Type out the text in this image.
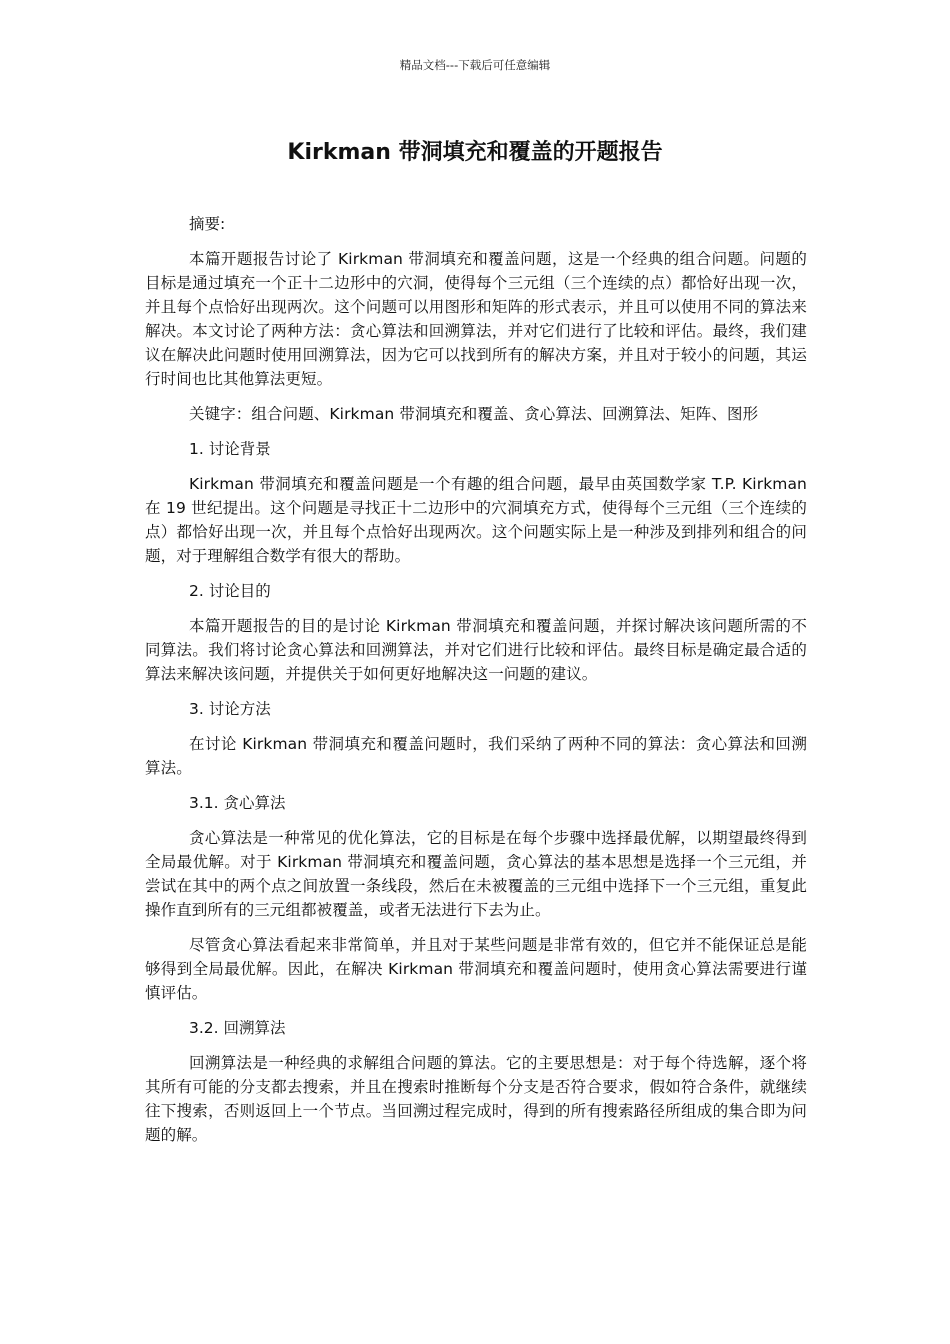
精品文档---下载后可任意编辑
Kirkman 带洞填充和覆盖的开题报告

摘要:

本篇开题报告讨论了 Kirkman 带洞填充和覆盖问题，这是一个经典的组合问题。问题的目标是通过填充一个正十二边形中的穴洞，使得每个三元组（三个连续的点）都恰好出现一次，并且每个点恰好出现两次。这个问题可以用图形和矩阵的形式表示，并且可以使用不同的算法来解决。本文讨论了两种方法：贪心算法和回溯算法，并对它们进行了比较和评估。最终，我们建议在解决此问题时使用回溯算法，因为它可以找到所有的解决方案，并且对于较小的问题，其运行时间也比其他算法更短。

关键字：组合问题、Kirkman 带洞填充和覆盖、贪心算法、回溯算法、矩阵、图形

1. 讨论背景

Kirkman 带洞填充和覆盖问题是一个有趣的组合问题，最早由英国数学家 T.P. Kirkman 在 19 世纪提出。这个问题是寻找正十二边形中的穴洞填充方式，使得每个三元组（三个连续的点）都恰好出现一次，并且每个点恰好出现两次。这个问题实际上是一种涉及到排列和组合的问题，对于理解组合数学有很大的帮助。

2. 讨论目的

本篇开题报告的目的是讨论 Kirkman 带洞填充和覆盖问题，并探讨解决该问题所需的不同算法。我们将讨论贪心算法和回溯算法，并对它们进行比较和评估。最终目标是确定最合适的算法来解决该问题，并提供关于如何更好地解决这一问题的建议。

3. 讨论方法

在讨论 Kirkman 带洞填充和覆盖问题时，我们采纳了两种不同的算法：贪心算法和回溯算法。

3.1. 贪心算法

贪心算法是一种常见的优化算法，它的目标是在每个步骤中选择最优解，以期望最终得到全局最优解。对于 Kirkman 带洞填充和覆盖问题，贪心算法的基本思想是选择一个三元组，并尝试在其中的两个点之间放置一条线段，然后在未被覆盖的三元组中选择下一个三元组，重复此操作直到所有的三元组都被覆盖，或者无法进行下去为止。

尽管贪心算法看起来非常简单，并且对于某些问题是非常有效的，但它并不能保证总是能够得到全局最优解。因此，在解决 Kirkman 带洞填充和覆盖问题时，使用贪心算法需要进行谨慎评估。

3.2. 回溯算法

回溯算法是一种经典的求解组合问题的算法。它的主要思想是：对于每个待选解，逐个将其所有可能的分支都去搜索，并且在搜索时推断每个分支是否符合要求，假如符合条件，就继续往下搜索，否则返回上一个节点。当回溯过程完成时，得到的所有搜索路径所组成的集合即为问题的解。
